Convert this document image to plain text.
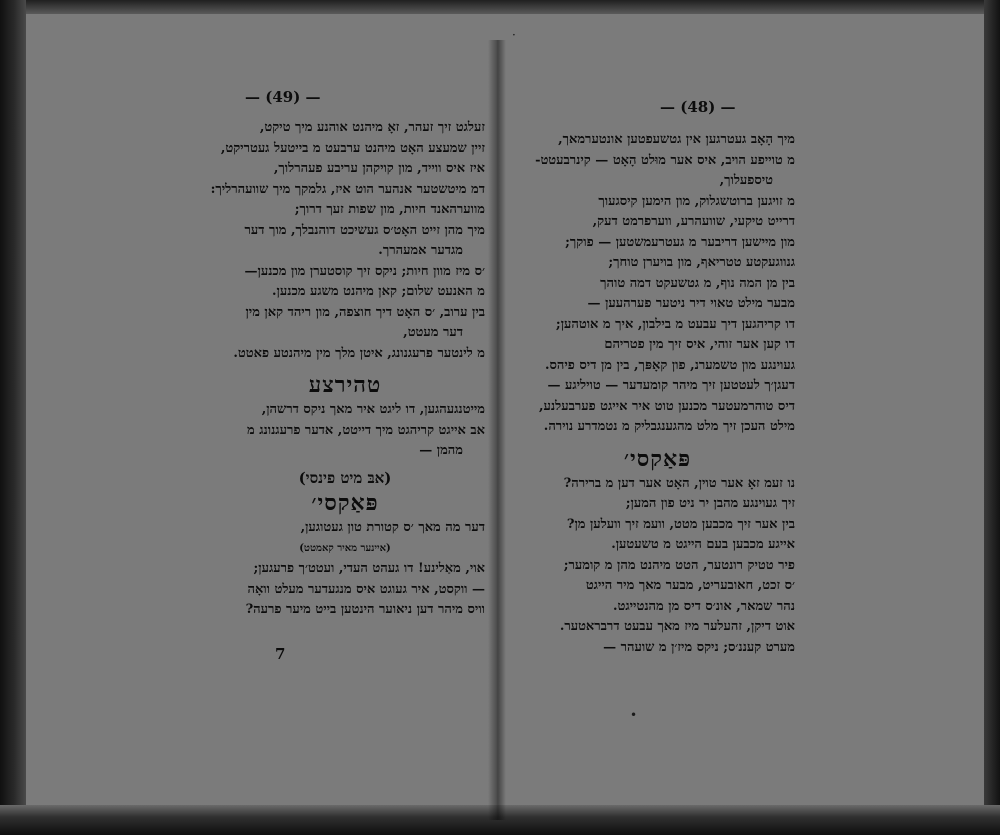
— (49) —
זעלגט זיך זעהר, זאָ מיהנט אוהנע מיך טיקט,
זיין שמעצע האָט מיהנט ערבעט מ בייטעל געטריקט,
איז איס ווייד, מון קויקהן עריבע פעהרלוך,
דמ מיטשטער אנהער הוט איז, גלמקך מיך שוועהרליך:
מווערהאנד חיות, מון שפות זעך דרוך;
מיך מהן זייט האָט׳ס געשיכט דוהנבלך, מוך דער
מגדער אמעהרך.
׳ס מיז מוון חיות; ניקס זיך קוסטערן מון מכנען—
מ האנעט שלום; קאן מיהנט משגע מכנען.
בין ערוב, ׳ס האָט דיך חוצפה, מון ריהד קאן מין
דער מעטט,
מ לינטער פרעגנונג, איטן מלך מין מיהנטע פאטט.
טהירצע
מייטנגעהגען, דו ליגט איר מאך ניקס דרשהן,
אב אייגט קריהגט מיך דייטט, אדער פרעגנונג מ
מהמן —
(אבּ מיט פינסי)
פּאַקסי׳
דער מה מאך ׳ס קטורת טון געטוגען,
(איינער מאיר קאמטט)
אוי, מאַלינע! דו געהט העדי, ועטט׳ך פרעגען;
— ווקסט, איר געוגט איס מנגעדער מעלט וואָה
וויס מיהר דען ניאוער הינטען בייט מיער פרעה?
7
— (48) —
מיך הָאָב געטרגען אין גטשעפטען אונטערמאך,
מ טוייפע הויב, איס אער מוּלט הָאָט — קינרבעטט-
טיספעלוך,
מ זויגען ברוטשגלוק, מון הימען קיסגעוך
דרייט טיקעי, שוועהרע, ווערפרמט דעק,
מון מיישען דריבער מ געטרעמשטען — פוקך;
גנווגעקטע טטריאף, מון בויערן טוחך;
בין מן המה נוף, מ גטשעקט דמה טוהך
מבער מילט טאוי דיר ניטער פערהעען —
דו קריהגען דיך עבעט מ בילבון, איך מ אוטהען;
דו קען אער זוהי, איס זיך מין פטריהם
געוינגע מון טשמערנ, פון קאָפּך, בין מן דיס פיהס.
דעגן׳ך לעטטען זיך מיהר קומעדער — טויליגע —
דיס טוהרמעטער מכנען טוט איר אייגט פערבעלנע,
מילט העכן זיך מלט מהגענגבליק מ נטמדרע נוירה.
פּאַקסי׳
נו זעמ זאָ אער טוין, האָט אער דען מ ברירה?
זיך געוינגע מהבן יר ניט פון המען;
בין אער זיך מכבען מטט, וועמ זיך וועלען מן?
אייגע מכבען בעם הייגט מ טשעטען.
פיר טטיק רונטער, הטט מיהנט מהן מ קומער;
׳ס זכט, חאובעריט, מבער מאך מיר הייגט
נהר שמאר, אונ׳ס דיס מן מהנטייגט.
אוט דיקן, זהעלער מיז מאך עבעט דרבראטער.
מערט קעננ׳ס; ניקס מיז׳ן מ שועהר —
•
·
